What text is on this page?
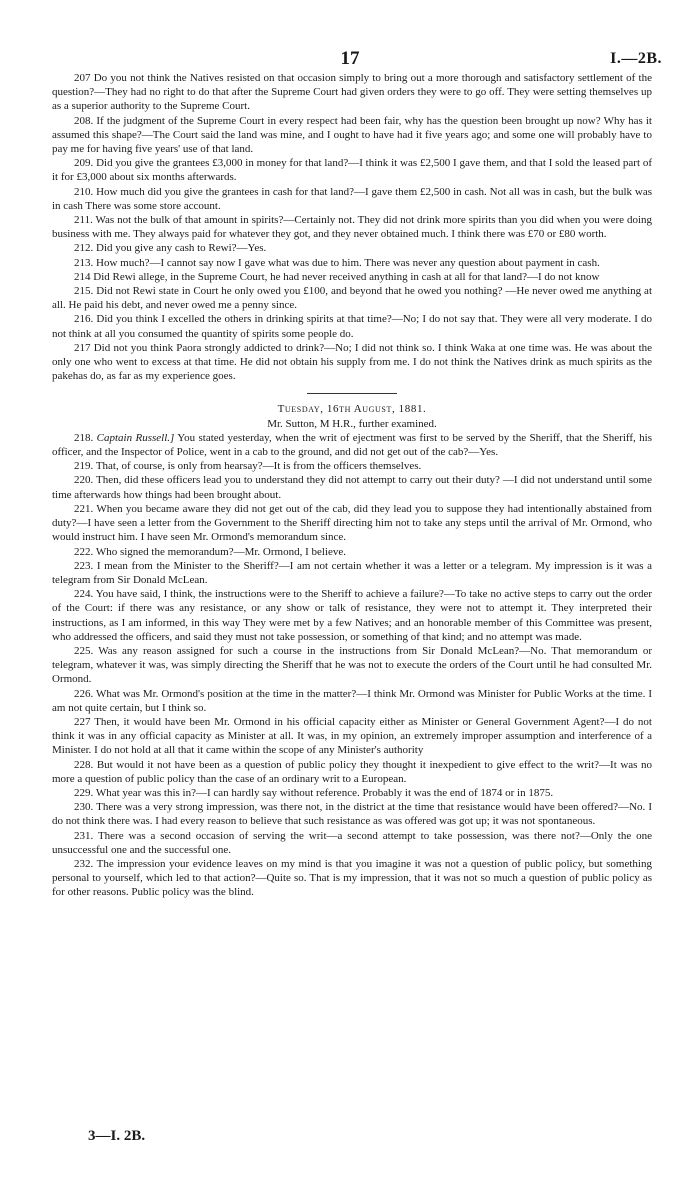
17	I.—2B.

207 Do you not think the Natives resisted on that occasion simply to bring out a more thorough and satisfactory settlement of the question?—They had no right to do that after the Supreme Court had given orders they were to go off. They were setting themselves up as a superior authority to the Supreme Court.

208. If the judgment of the Supreme Court in every respect had been fair, why has the question been brought up now? Why has it assumed this shape?—The Court said the land was mine, and I ought to have had it five years ago; and some one will probably have to pay me for having five years' use of that land.

209. Did you give the grantees £3,000 in money for that land?—I think it was £2,500 I gave them, and that I sold the leased part of it for £3,000 about six months afterwards.

210. How much did you give the grantees in cash for that land?—I gave them £2,500 in cash. Not all was in cash, but the bulk was in cash There was some store account.

211. Was not the bulk of that amount in spirits?—Certainly not. They did not drink more spirits than you did when you were doing business with me. They always paid for whatever they got, and they never obtained much. I think there was £70 or £80 worth.

212. Did you give any cash to Rewi?—Yes.

213. How much?—I cannot say now I gave what was due to him. There was never any question about payment in cash.

214 Did Rewi allege, in the Supreme Court, he had never received anything in cash at all for that land?—I do not know

215. Did not Rewi state in Court he only owed you £100, and beyond that he owed you nothing? —He never owed me anything at all. He paid his debt, and never owed me a penny since.

216. Did you think I excelled the others in drinking spirits at that time?—No; I do not say that. They were all very moderate. I do not think at all you consumed the quantity of spirits some people do.

217 Did not you think Paora strongly addicted to drink?—No; I did not think so. I think Waka at one time was. He was about the only one who went to excess at that time. He did not obtain his supply from me. I do not think the Natives drink as much spirits as the pakehas do, as far as my experience goes.

Tuesday, 16th August, 1881.

Mr. Sutton, M H.R., further examined.

218. Captain Russell.] You stated yesterday, when the writ of ejectment was first to be served by the Sheriff, that the Sheriff, his officer, and the Inspector of Police, went in a cab to the ground, and did not get out of the cab?—Yes.

219. That, of course, is only from hearsay?—It is from the officers themselves.

220. Then, did these officers lead you to understand they did not attempt to carry out their duty? —I did not understand until some time afterwards how things had been brought about.

221. When you became aware they did not get out of the cab, did they lead you to suppose they had intentionally abstained from duty?—I have seen a letter from the Government to the Sheriff directing him not to take any steps until the arrival of Mr. Ormond, who would instruct him. I have seen Mr. Ormond's memorandum since.

222. Who signed the memorandum?—Mr. Ormond, I believe.

223. I mean from the Minister to the Sheriff?—I am not certain whether it was a letter or a telegram. My impression is it was a telegram from Sir Donald McLean.

224. You have said, I think, the instructions were to the Sheriff to achieve a failure?—To take no active steps to carry out the order of the Court: if there was any resistance, or any show or talk of resistance, they were not to attempt it. They interpreted their instructions, as I am informed, in this way They were met by a few Natives; and an honorable member of this Committee was present, who addressed the officers, and said they must not take possession, or something of that kind; and no attempt was made.

225. Was any reason assigned for such a course in the instructions from Sir Donald McLean?—No. That memorandum or telegram, whatever it was, was simply directing the Sheriff that he was not to execute the orders of the Court until he had consulted Mr. Ormond.

226. What was Mr. Ormond's position at the time in the matter?—I think Mr. Ormond was Minister for Public Works at the time. I am not quite certain, but I think so.

227 Then, it would have been Mr. Ormond in his official capacity either as Minister or General Government Agent?—I do not think it was in any official capacity as Minister at all. It was, in my opinion, an extremely improper assumption and interference of a Minister. I do not hold at all that it came within the scope of any Minister's authority

228. But would it not have been as a question of public policy they thought it inexpedient to give effect to the writ?—It was no more a question of public policy than the case of an ordinary writ to a European.

229. What year was this in?—I can hardly say without reference. Probably it was the end of 1874 or in 1875.

230. There was a very strong impression, was there not, in the district at the time that resistance would have been offered?—No. I do not think there was. I had every reason to believe that such resistance as was offered was got up; it was not spontaneous.

231. There was a second occasion of serving the writ—a second attempt to take possession, was there not?—Only the one unsuccessful one and the successful one.

232. The impression your evidence leaves on my mind is that you imagine it was not a question of public policy, but something personal to yourself, which led to that action?—Quite so. That is my impression, that it was not so much a question of public policy as for other reasons. Public policy was the blind.

3—I. 2B.
